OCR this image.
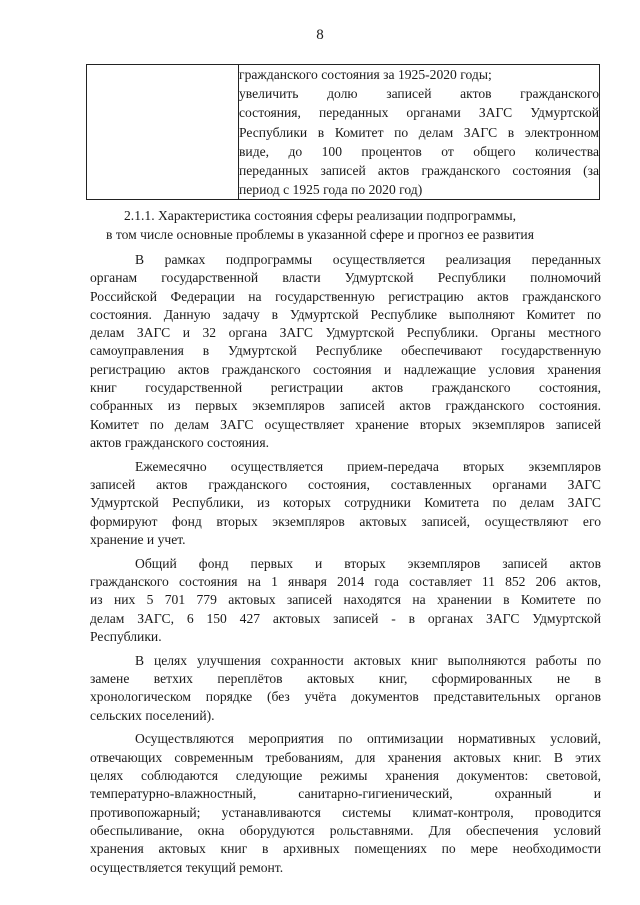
8

гражданского состояния за 1925-2020 годы;
увеличить долю записей актов гражданского
состояния, переданных органами ЗАГС Удмуртской
Республики в Комитет по делам ЗАГС в электронном
виде, до 100 процентов от общего количества
переданных записей актов гражданского состояния (за
период с 1925 года по 2020 год)
2.1.1. Характеристика состояния сферы реализации подпрограммы,
в том числе основные проблемы в указанной сфере и прогноз ее развития
В рамках подпрограммы осуществляется реализация переданных
органам государственной власти Удмуртской Республики полномочий
Российской Федерации на государственную регистрацию актов гражданского
состояния. Данную задачу в Удмуртской Республике выполняют Комитет по
делам ЗАГС и 32 органа ЗАГС Удмуртской Республики. Органы местного
самоуправления в Удмуртской Республике обеспечивают государственную
регистрацию актов гражданского состояния и надлежащие условия хранения
книг государственной регистрации актов гражданского состояния,
собранных из первых экземпляров записей актов гражданского состояния.
Комитет по делам ЗАГС осуществляет хранение вторых экземпляров записей
актов гражданского состояния.
Ежемесячно осуществляется прием-передача вторых экземпляров
записей актов гражданского состояния, составленных органами ЗАГС
Удмуртской Республики, из которых сотрудники Комитета по делам ЗАГС
формируют фонд вторых экземпляров актовых записей, осуществляют его
хранение и учет.
Общий фонд первых и вторых экземпляров записей актов
гражданского состояния на 1 января 2014 года составляет 11 852 206 актов,
из них 5 701 779 актовых записей находятся на хранении в Комитете по
делам ЗАГС, 6 150 427 актовых записей - в органах ЗАГС Удмуртской
Республики.
В целях улучшения сохранности актовых книг выполняются работы по
замене ветхих переплётов актовых книг, сформированных не в
хронологическом порядке (без учёта документов представительных органов
сельских поселений).
Осуществляются мероприятия по оптимизации нормативных условий,
отвечающих современным требованиям, для хранения актовых книг. В этих
целях соблюдаются следующие режимы хранения документов: световой,
температурно-влажностный, санитарно-гигиенический, охранный и
противопожарный; устанавливаются системы климат-контроля, проводится
обеспыливание, окна оборудуются рольставнями. Для обеспечения условий
хранения актовых книг в архивных помещениях по мере необходимости
осуществляется текущий ремонт.
